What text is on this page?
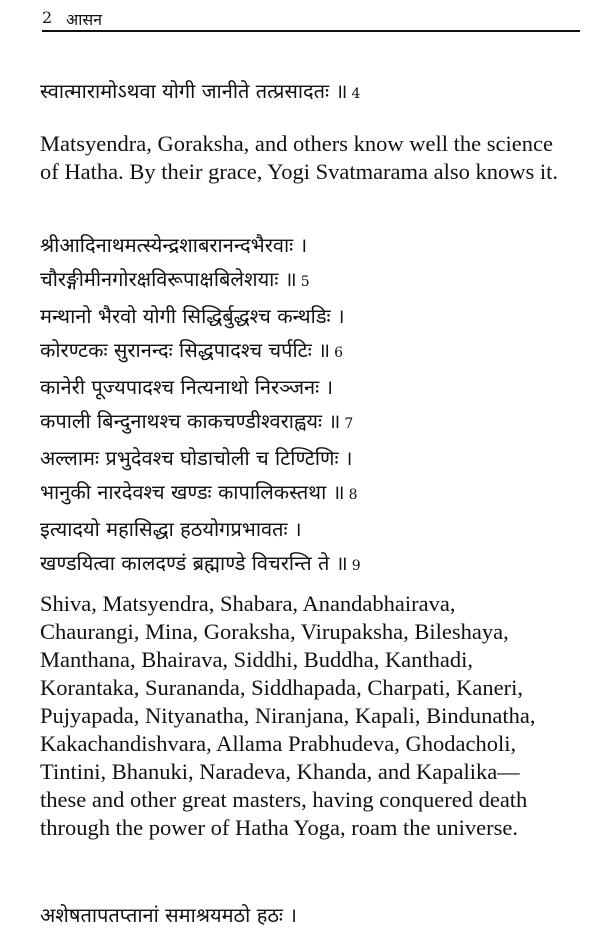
2 आसन
स्वात्मारामोऽथवा योगी जानीते तत्प्रसादतः ॥ 4
Matsyendra, Goraksha, and others know well the science
of Hatha. By their grace, Yogi Svatmarama also knows it.
श्रीआदिनाथमत्स्येन्द्रशाबरानन्दभैरवाः ।
चौरङ्गीमीनगोरक्षविरूपाक्षबिलेशयाः ॥ 5
मन्थानो भैरवो योगी सिद्धिर्बुद्धश्च कन्थडिः ।
कोरण्टकः सुरानन्दः सिद्धपादश्च चर्पटिः ॥ 6
कानेरी पूज्यपादश्च नित्यनाथो निरञ्जनः ।
कपाली बिन्दुनाथश्च काकचण्डीश्वराह्वयः ॥ 7
अल्लामः प्रभुदेवश्च घोडाचोली च टिण्टिणिः ।
भानुकी नारदेवश्च खण्डः कापालिकस्तथा ॥ 8
इत्यादयो महासिद्धा हठयोगप्रभावतः ।
खण्डयित्वा कालदण्डं ब्रह्माण्डे विचरन्ति ते ॥ 9
Shiva, Matsyendra, Shabara, Anandabhairava,
Chaurangi, Mina, Goraksha, Virupaksha, Bileshaya,
Manthana, Bhairava, Siddhi, Buddha, Kanthadi,
Korantaka, Surananda, Siddhapada, Charpati, Kaneri,
Pujyapada, Nityanatha, Niranjana, Kapali, Bindunatha,
Kakachandishvara, Allama Prabhudeva, Ghodacholi,
Tintini, Bhanuki, Naradeva, Khanda, and Kapalika—
these and other great masters, having conquered death
through the power of Hatha Yoga, roam the universe.
अशेषतापतप्तानां समाश्रयमठो हठः ।
